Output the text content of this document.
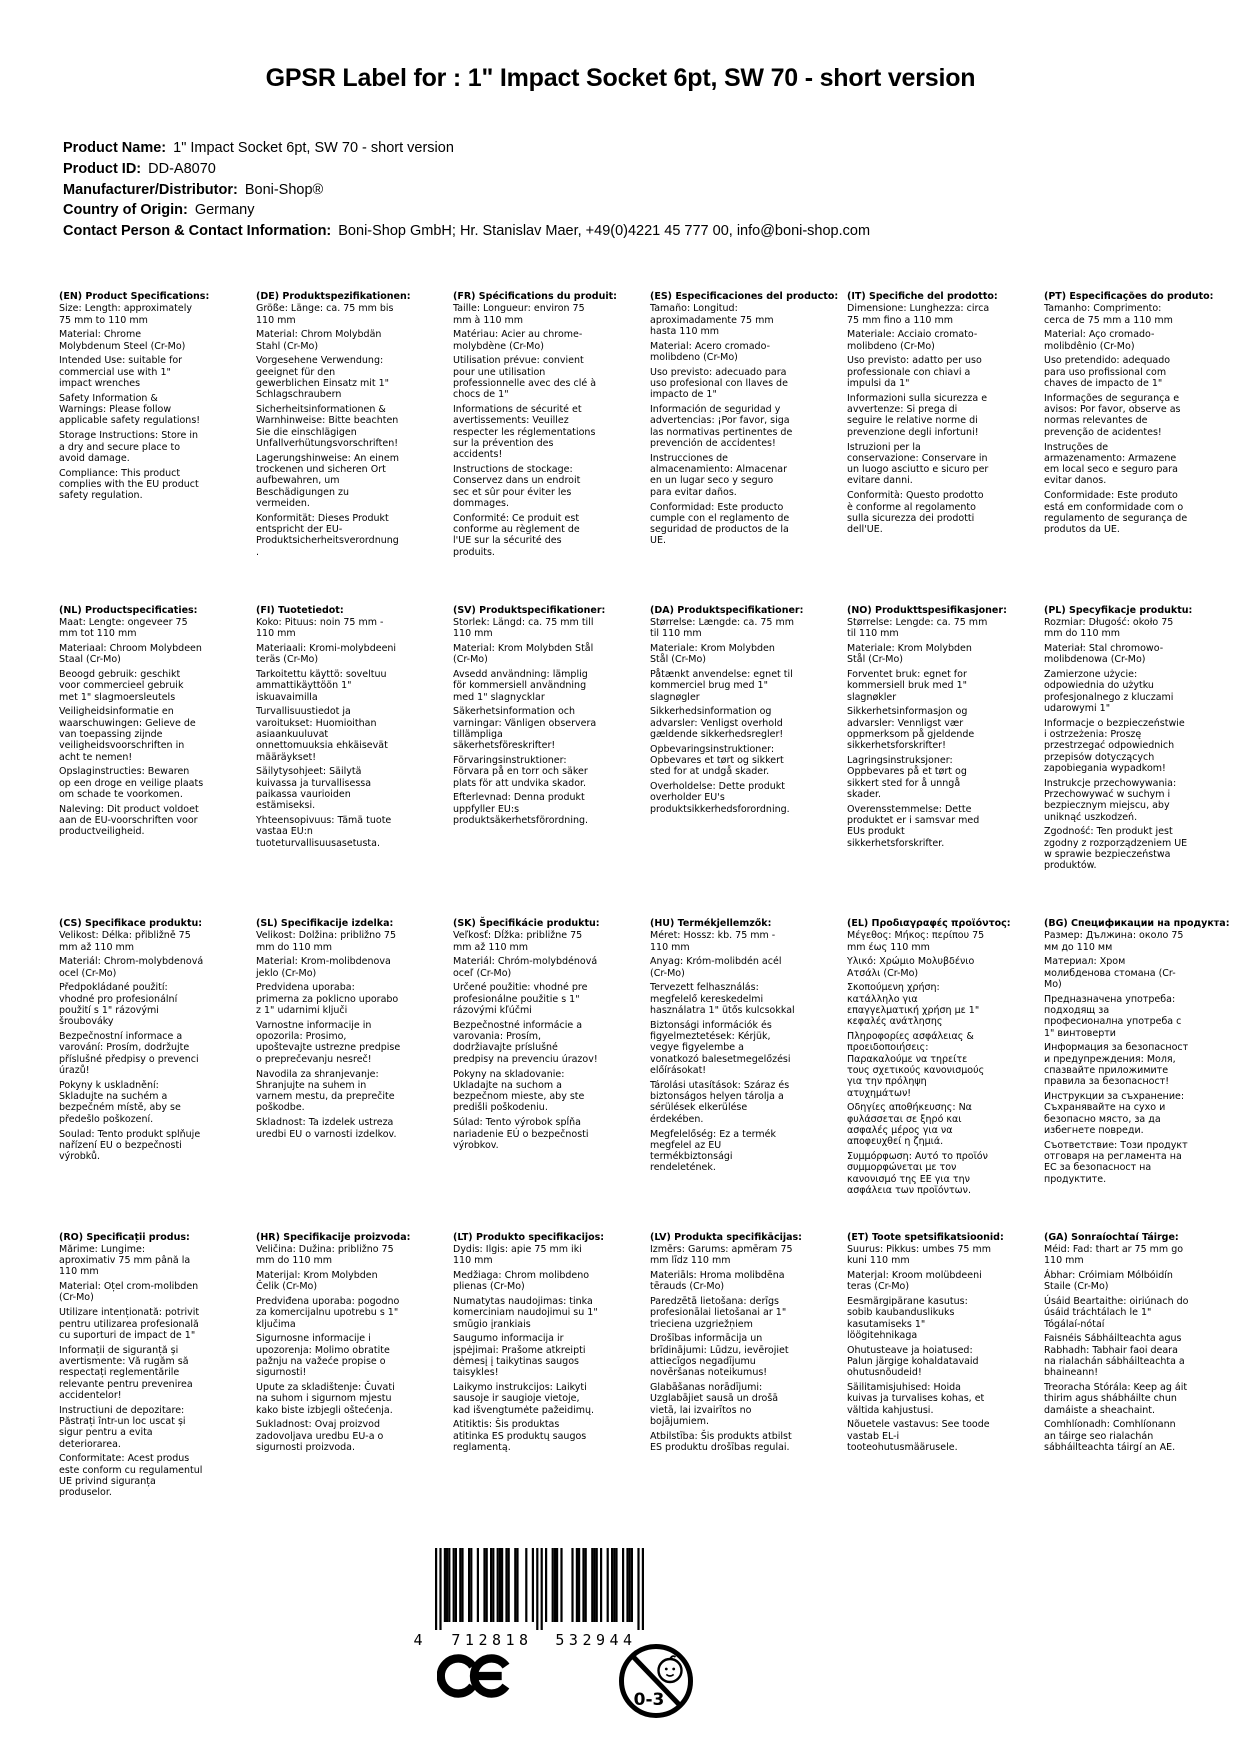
GPSR Label for : 1" Impact Socket 6pt, SW 70 - short version
Product Name: 1" Impact Socket 6pt, SW 70 - short version
Product ID: DD-A8070
Manufacturer/Distributor: Boni-Shop®
Country of Origin: Germany
Contact Person & Contact Information: Boni-Shop GmbH; Hr. Stanislav Maer, +49(0)4221 45 777 00, info@boni-shop.com
(EN) Product Specifications:

Size: Length: approximately 75 mm to 110 mm

Material: Chrome Molybdenum Steel (Cr-Mo)

Intended Use: suitable for commercial use with 1" impact wrenches

Safety Information & Warnings: Please follow applicable safety regulations!

Storage Instructions: Store in a dry and secure place to avoid damage.

Compliance: This product complies with the EU product safety regulation.

(DE) Produktspezifikationen:

Größe: Länge: ca. 75 mm bis 110 mm

Material: Chrom Molybdän Stahl (Cr-Mo)

Vorgesehene Verwendung: geeignet für den gewerblichen Einsatz mit 1" Schlagschraubern

Sicherheitsinformationen & Warnhinweise: Bitte beachten Sie die einschlägigen Unfallverhütungsvorschriften!

Lagerungshinweise: An einem trockenen und sicheren Ort aufbewahren, um Beschädigungen zu vermeiden.

Konformität: Dieses Produkt entspricht der EU-Produktsicherheitsverordnung.

(FR) Spécifications du produit:

Taille: Longueur: environ 75 mm à 110 mm

Matériau: Acier au chrome-molybdène (Cr-Mo)

Utilisation prévue: convient pour une utilisation professionnelle avec des clé à chocs de 1"

Informations de sécurité et avertissements: Veuillez respecter les réglementations sur la prévention des accidents!

Instructions de stockage: Conservez dans un endroit sec et sûr pour éviter les dommages.

Conformité: Ce produit est conforme au règlement de l'UE sur la sécurité des produits.

(ES) Especificaciones del producto:

Tamaño: Longitud: aproximadamente 75 mm hasta 110 mm

Material: Acero cromado-molibdeno (Cr-Mo)

Uso previsto: adecuado para uso profesional con llaves de impacto de 1"

Información de seguridad y advertencias: ¡Por favor, siga las normativas pertinentes de prevención de accidentes!

Instrucciones de almacenamiento: Almacenar en un lugar seco y seguro para evitar daños.

Conformidad: Este producto cumple con el reglamento de seguridad de productos de la UE.

(IT) Specifiche del prodotto:

Dimensione: Lunghezza: circa 75 mm fino a 110 mm

Materiale: Acciaio cromato-molibdeno (Cr-Mo)

Uso previsto: adatto per uso professionale con chiavi a impulsi da 1"

Informazioni sulla sicurezza e avvertenze: Si prega di seguire le relative norme di prevenzione degli infortuni!

Istruzioni per la conservazione: Conservare in un luogo asciutto e sicuro per evitare danni.

Conformità: Questo prodotto è conforme al regolamento sulla sicurezza dei prodotti dell'UE.

(PT) Especificações do produto:

Tamanho: Comprimento: cerca de 75 mm a 110 mm

Material: Aço cromado-molibdênio (Cr-Mo)

Uso pretendido: adequado para uso profissional com chaves de impacto de 1"

Informações de segurança e avisos: Por favor, observe as normas relevantes de prevenção de acidentes!

Instruções de armazenamento: Armazene em local seco e seguro para evitar danos.

Conformidade: Este produto está em conformidade com o regulamento de segurança de produtos da UE.

(NL) Productspecificaties:

Maat: Lengte: ongeveer 75 mm tot 110 mm

Materiaal: Chroom Molybdeen Staal (Cr-Mo)

Beoogd gebruik: geschikt voor commercieel gebruik met 1" slagmoersleutels

Veiligheidsinformatie en waarschuwingen: Gelieve de van toepassing zijnde veiligheidsvoorschriften in acht te nemen!

Opslaginstructies: Bewaren op een droge en veilige plaats om schade te voorkomen.

Naleving: Dit product voldoet aan de EU-voorschriften voor productveiligheid.

(FI) Tuotetiedot:

Koko: Pituus: noin 75 mm - 110 mm

Materiaali: Kromi-molybdeeni teräs (Cr-Mo)

Tarkoitettu käyttö: soveltuu ammattikäyttöön 1" iskuavaimilla

Turvallisuustiedot ja varoitukset: Huomioithan asiaankuuluvat onnettomuuksia ehkäisevät määräykset!

Säilytysohjeet: Säilytä kuivassa ja turvallisessa paikassa vaurioiden estämiseksi.

Yhteensopivuus: Tämä tuote vastaa EU:n tuoteturvallisuusasetusta.

(SV) Produktspecifikationer:

Storlek: Längd: ca. 75 mm till 110 mm

Material: Krom Molybden Stål (Cr-Mo)

Avsedd användning: lämplig för kommersiell användning med 1" slagnycklar

Säkerhetsinformation och varningar: Vänligen observera tillämpliga säkerhetsföreskrifter!

Förvaringsinstruktioner: Förvara på en torr och säker plats för att undvika skador.

Efterlevnad: Denna produkt uppfyller EU:s produktsäkerhetsförordning.

(DA) Produktspecifikationer:

Størrelse: Længde: ca. 75 mm til 110 mm

Materiale: Krom Molybden Stål (Cr-Mo)

Påtænkt anvendelse: egnet til kommerciel brug med 1" slagnøgler

Sikkerhedsinformation og advarsler: Venligst overhold gældende sikkerhedsregler!

Opbevaringsinstruktioner: Opbevares et tørt og sikkert sted for at undgå skader.

Overholdelse: Dette produkt overholder EU's produktsikkerhedsforordning.

(NO) Produkttspesifikasjoner:

Størrelse: Lengde: ca. 75 mm til 110 mm

Materiale: Krom Molybden Stål (Cr-Mo)

Forventet bruk: egnet for kommersiell bruk med 1" slagnøkler

Sikkerhetsinformasjon og advarsler: Vennligst vær oppmerksom på gjeldende sikkerhetsforskrifter!

Lagringsinstruksjoner: Oppbevares på et tørt og sikkert sted for å unngå skader.

Overensstemmelse: Dette produktet er i samsvar med EUs produkt sikkerhetsforskrifter.

(PL) Specyfikacje produktu:

Rozmiar: Długość: około 75 mm do 110 mm

Materiał: Stal chromowo-molibdenowa (Cr-Mo)

Zamierzone użycie: odpowiednia do użytku profesjonalnego z kluczami udarowymi 1"

Informacje o bezpieczeństwie i ostrzeżenia: Proszę przestrzegać odpowiednich przepisów dotyczących zapobiegania wypadkom!

Instrukcje przechowywania: Przechowywać w suchym i bezpiecznym miejscu, aby uniknąć uszkodzeń.

Zgodność: Ten produkt jest zgodny z rozporządzeniem UE w sprawie bezpieczeństwa produktów.

(CS) Specifikace produktu:

Velikost: Délka: přibližně 75 mm až 110 mm

Materiál: Chrom-molybdenová ocel (Cr-Mo)

Předpokládané použití: vhodné pro profesionální použití s 1" rázovými šroubováky

Bezpečnostní informace a varování: Prosím, dodržujte příslušné předpisy o prevenci úrazů!

Pokyny k uskladnění: Skladujte na suchém a bezpečném místě, aby se předešlo poškození.

Soulad: Tento produkt splňuje nařízení EU o bezpečnosti výrobků.

(SL) Specifikacije izdelka:

Velikost: Dolžina: približno 75 mm do 110 mm

Material: Krom-molibdenova jeklo (Cr-Mo)

Predvidena uporaba: primerna za poklicno uporabo z 1" udarnimi ključi

Varnostne informacije in opozorila: Prosimo, upoštevajte ustrezne predpise o preprečevanju nesreč!

Navodila za shranjevanje: Shranjujte na suhem in varnem mestu, da preprečite poškodbe.

Skladnost: Ta izdelek ustreza uredbi EU o varnosti izdelkov.

(SK) Špecifikácie produktu:

Veľkosť: Dĺžka: približne 75 mm až 110 mm

Materiál: Chróm-molybdénová oceľ (Cr-Mo)

Určené použitie: vhodné pre profesionálne použitie s 1" rázovými kľúčmi

Bezpečnostné informácie a varovania: Prosím, dodržiavajte príslušné predpisy na prevenciu úrazov!

Pokyny na skladovanie: Ukladajte na suchom a bezpečnom mieste, aby ste predišli poškodeniu.

Súlad: Tento výrobok spĺňa nariadenie EÚ o bezpečnosti výrobkov.

(HU) Termékjellemzők:

Méret: Hossz: kb. 75 mm - 110 mm

Anyag: Króm-molibdén acél (Cr-Mo)

Tervezett felhasználás: megfelelő kereskedelmi használatra 1" ütős kulcsokkal

Biztonsági információk és figyelmeztetések: Kérjük, vegye figyelembe a vonatkozó balesetmegelőzési előírásokat!

Tárolási utasítások: Száraz és biztonságos helyen tárolja a sérülések elkerülése érdekében.

Megfelelőség: Ez a termék megfelel az EU termékbiztonsági rendeletének.

(EL) Προδιαγραφές προϊόντος:

Μέγεθος: Μήκος: περίπου 75 mm έως 110 mm

Υλικό: Χρώμιο Μολυβδένιο Ατσάλι (Cr-Mo)

Σκοπούμενη χρήση: κατάλληλο για επαγγελματική χρήση με 1" κεφαλές ανάτλησης

Πληροφορίες ασφάλειας & προειδοποιήσεις: Παρακαλούμε να τηρείτε τους σχετικούς κανονισμούς για την πρόληψη ατυχημάτων!

Οδηγίες αποθήκευσης: Να φυλάσσεται σε ξηρό και ασφαλές μέρος για να αποφευχθεί η ζημιά.

Συμμόρφωση: Αυτό το προϊόν συμμορφώνεται με τον κανονισμό της ΕΕ για την ασφάλεια των προϊόντων.

(BG) Спецификации на продукта:

Размер: Дължина: около 75 мм до 110 мм

Материал: Хром молибденова стомана (Cr-Mo)

Предназначена употреба: подходящ за професионална употреба с 1" винтоверти

Информация за безопасност и предупреждения: Моля, спазвайте приложимите правила за безопасност!

Инструкции за съхранение: Съхранявайте на сухо и безопасно място, за да избегнете повреди.

Съответствие: Този продукт отговаря на регламента на ЕС за безопасност на продуктите.

(RO) Specificații produs:

Mărime: Lungime: aproximativ 75 mm până la 110 mm

Material: Oțel crom-molibden (Cr-Mo)

Utilizare intenționată: potrivit pentru utilizarea profesională cu suporturi de impact de 1"

Informații de siguranță și avertismente: Vă rugăm să respectați reglementările relevante pentru prevenirea accidentelor!

Instructiuni de depozitare: Păstrați într-un loc uscat și sigur pentru a evita deteriorarea.

Conformitate: Acest produs este conform cu regulamentul UE privind siguranța produselor.

(HR) Specifikacije proizvoda:

Veličina: Dužina: približno 75 mm do 110 mm

Materijal: Krom Molybden Čelik (Cr-Mo)

Predviđena uporaba: pogodno za komercijalnu upotrebu s 1" ključima

Sigurnosne informacije i upozorenja: Molimo obratite pažnju na važeće propise o sigurnosti!

Upute za skladištenje: Čuvati na suhom i sigurnom mjestu kako biste izbjegli oštećenja.

Sukladnost: Ovaj proizvod zadovoljava uredbu EU-a o sigurnosti proizvoda.

(LT) Produkto specifikacijos:

Dydis: Ilgis: apie 75 mm iki 110 mm

Medžiaga: Chrom molibdeno plienas (Cr-Mo)

Numatytas naudojimas: tinka komerciniam naudojimui su 1" smūgio įrankiais

Saugumo informacija ir įspėjimai: Prašome atkreipti dėmesį į taikytinas saugos taisykles!

Laikymo instrukcijos: Laikyti sausoje ir saugioje vietoje, kad išvengtumėte pažeidimų.

Atitiktis: Šis produktas atitinka ES produktų saugos reglamentą.

(LV) Produkta specifikācijas:

Izmērs: Garums: apmēram 75 mm līdz 110 mm

Materiāls: Hroma molibdēna tērauds (Cr-Mo)

Paredzētā lietošana: derīgs profesionālai lietošanai ar 1" trieciena uzgriežņiem

Drošības informācija un brīdinājumi: Lūdzu, ievērojiet attiecīgos negadījumu novēršanas noteikumus!

Glabāšanas norādījumi: Uzglabājiet sausā un drošā vietā, lai izvairītos no bojājumiem.

Atbilstība: Šis produkts atbilst ES produktu drošības regulai.

(ET) Toote spetsifikatsioonid:

Suurus: Pikkus: umbes 75 mm kuni 110 mm

Materjal: Kroom molübdeeni teras (Cr-Mo)

Eesmärgipärane kasutus: sobib kaubanduslikuks kasutamiseks 1" löögitehnikaga

Ohutusteave ja hoiatused: Palun järgige kohaldatavaid ohutusnõudeid!

Säilitamisjuhised: Hoida kuivas ja turvalises kohas, et vältida kahjustusi.

Nõuetele vastavus: See toode vastab EL-i tooteohutusmäärusele.

(GA) Sonraíochtaí Táirge:

Méid: Fad: thart ar 75 mm go 110 mm

Ábhar: Cróimiam Mólbóidín Staile (Cr-Mo)

Úsáid Beartaithe: oiriúnach do úsáid tráchtálach le 1" Tógálaí-nótaí

Faisnéis Sábháilteachta agus Rabhadh: Tabhair faoi deara na rialachán sábháilteachta a bhaineann!

Treoracha Stórála: Keep ag áit thirim agus shábháilte chun damáiste a sheachaint.

Comhlíonadh: Comhlíonann an táirge seo rialachán sábháilteachta táirgí an AE.

4 712818 532944
0-3
